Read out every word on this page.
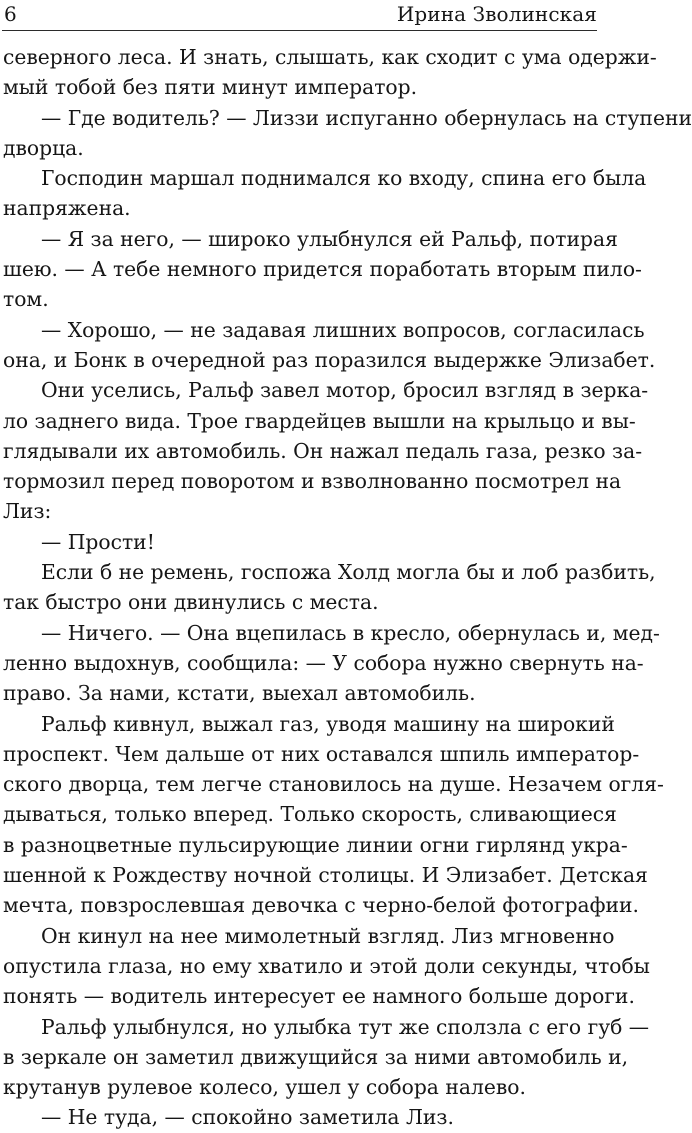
6	Ирина Зволинская
северного леса. И знать, слышать, как сходит с ума одержи-
мый тобой без пяти минут император.
— Где водитель? — Лиззи испуганно обернулась на ступени
дворца.
Господин маршал поднимался ко входу, спина его была
напряжена.
— Я за него, — широко улыбнулся ей Ральф, потирая
шею. — А тебе немного придется поработать вторым пило-
том.
— Хорошо, — не задавая лишних вопросов, согласилась
она, и Бонк в очередной раз поразился выдержке Элизабет.
Они уселись, Ральф завел мотор, бросил взгляд в зерка-
ло заднего вида. Трое гвардейцев вышли на крыльцо и вы-
глядывали их автомобиль. Он нажал педаль газа, резко за-
тормозил перед поворотом и взволнованно посмотрел на
Лиз:
— Прости!
Если б не ремень, госпожа Холд могла бы и лоб разбить,
так быстро они двинулись с места.
— Ничего. — Она вцепилась в кресло, обернулась и, мед-
ленно выдохнув, сообщила: — У собора нужно свернуть на-
право. За нами, кстати, выехал автомобиль.
Ральф кивнул, выжал газ, уводя машину на широкий
проспект. Чем дальше от них оставался шпиль император-
ского дворца, тем легче становилось на душе. Незачем огля-
дываться, только вперед. Только скорость, сливающиеся
в разноцветные пульсирующие линии огни гирлянд укра-
шенной к Рождеству ночной столицы. И Элизабет. Детская
мечта, повзрослевшая девочка с черно-белой фотографии.
Он кинул на нее мимолетный взгляд. Лиз мгновенно
опустила глаза, но ему хватило и этой доли секунды, чтобы
понять — водитель интересует ее намного больше дороги.
Ральф улыбнулся, но улыбка тут же сползла с его губ —
в зеркале он заметил движущийся за ними автомобиль и,
крутанув рулевое колесо, ушел у собора налево.
— Не туда, — спокойно заметила Лиз.
